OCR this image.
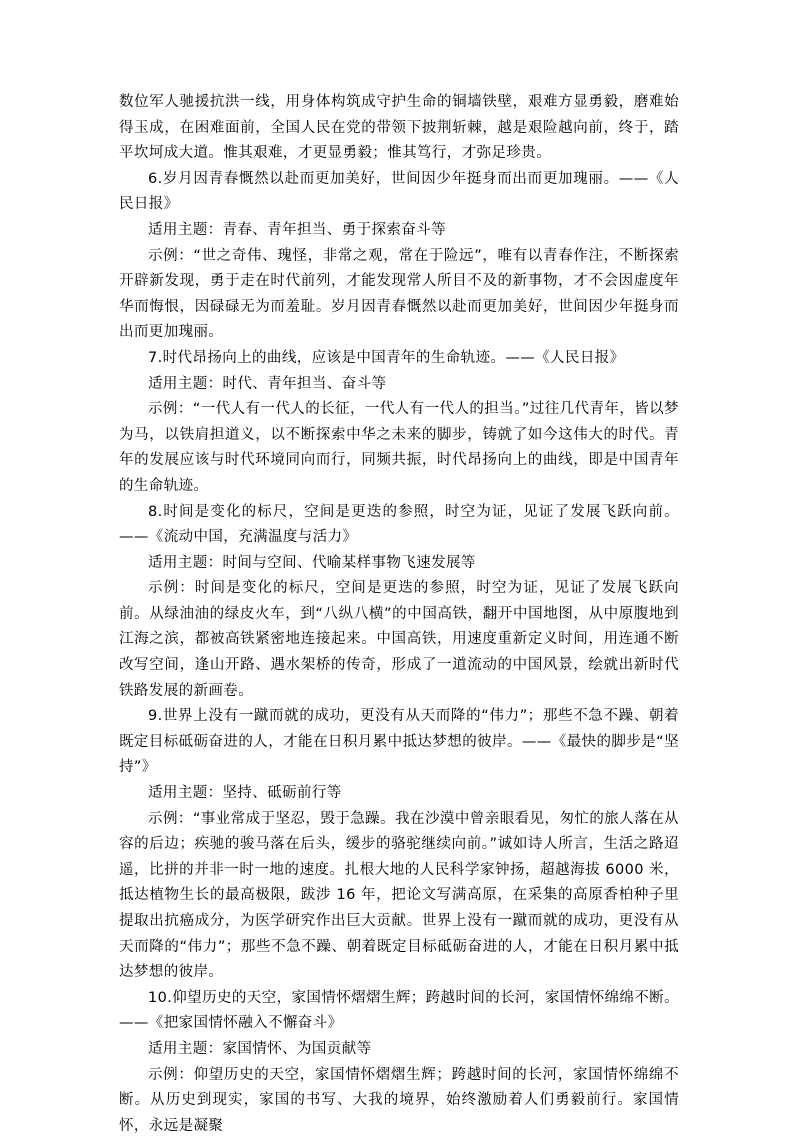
数位军人驰援抗洪一线，用身体构筑成守护生命的铜墙铁壁，艰难方显勇毅，磨难始得玉成，在困难面前，全国人民在党的带领下披荆斩棘，越是艰险越向前，终于，踏平坎坷成大道。惟其艰难，才更显勇毅；惟其笃行，才弥足珍贵。

6.岁月因青春慨然以赴而更加美好，世间因少年挺身而出而更加瑰丽。——《人民日报》

适用主题：青春、青年担当、勇于探索奋斗等

示例：“世之奇伟、瑰怪，非常之观，常在于险远”，唯有以青春作注，不断探索开辟新发现，勇于走在时代前列，才能发现常人所目不及的新事物，才不会因虚度年华而悔恨，因碌碌无为而羞耻。岁月因青春慨然以赴而更加美好，世间因少年挺身而出而更加瑰丽。

7.时代昂扬向上的曲线，应该是中国青年的生命轨迹。——《人民日报》

适用主题：时代、青年担当、奋斗等

示例：“一代人有一代人的长征，一代人有一代人的担当。”过往几代青年，皆以梦为马，以铁肩担道义，以不断探索中华之未来的脚步，铸就了如今这伟大的时代。青年的发展应该与时代环境同向而行，同频共振，时代昂扬向上的曲线，即是中国青年的生命轨迹。

8.时间是变化的标尺，空间是更迭的参照，时空为证，见证了发展飞跃向前。——《流动中国，充满温度与活力》

适用主题：时间与空间、代喻某样事物飞速发展等

示例：时间是变化的标尺，空间是更迭的参照，时空为证，见证了发展飞跃向前。从绿油油的绿皮火车，到“八纵八横”的中国高铁，翻开中国地图，从中原腹地到江海之滨，都被高铁紧密地连接起来。中国高铁，用速度重新定义时间，用连通不断改写空间，逢山开路、遇水架桥的传奇，形成了一道流动的中国风景，绘就出新时代铁路发展的新画卷。

9.世界上没有一蹴而就的成功，更没有从天而降的“伟力”；那些不急不躁、朝着既定目标砥砺奋进的人，才能在日积月累中抵达梦想的彼岸。——《最快的脚步是“坚持”》

适用主题：坚持、砥砺前行等

示例：“事业常成于坚忍，毁于急躁。我在沙漠中曾亲眼看见，匆忙的旅人落在从容的后边；疾驰的骏马落在后头，缓步的骆驼继续向前。”诚如诗人所言，生活之路迢遥，比拼的并非一时一地的速度。扎根大地的人民科学家钟扬，超越海拔 6000 米，抵达植物生长的最高极限，跋涉 16 年，把论文写满高原，在采集的高原香柏种子里提取出抗癌成分，为医学研究作出巨大贡献。世界上没有一蹴而就的成功，更没有从天而降的“伟力”；那些不急不躁、朝着既定目标砥砺奋进的人，才能在日积月累中抵达梦想的彼岸。

10.仰望历史的天空，家国情怀熠熠生辉；跨越时间的长河，家国情怀绵绵不断。——《把家国情怀融入不懈奋斗》

适用主题：家国情怀、为国贡献等

示例：仰望历史的天空，家国情怀熠熠生辉；跨越时间的长河，家国情怀绵绵不断。从历史到现实，家国的书写、大我的境界，始终激励着人们勇毅前行。家国情怀，永远是凝聚
